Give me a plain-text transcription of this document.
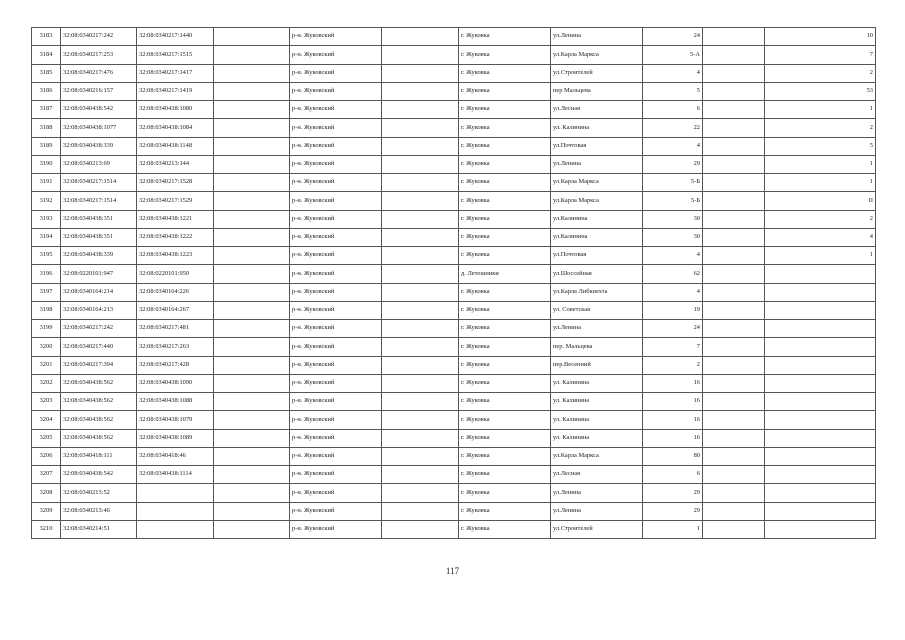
3183	32:08:0340217:242	32:08:0340217:1440		р-н. Жуковский		г. Жуковка	ул.Ленина	24		10
3184	32:08:0340217:253	32:08:0340217:1515		р-н. Жуковский		г. Жуковка	ул.Карла Маркса	5-А		7
3185	32:08:0340217:476	32:08:0340217:1417		р-н. Жуковский		г. Жуковка	ул.Строителей	4		2
3186	32:08:0340216:157	32:08:0340217:1419		р-н. Жуковский		г. Жуковка	пер Мальцева	5		53
3187	32:08:0340438:542	32:08:0340438:1080		р-н. Жуковский		г. Жуковка	ул.Лесная	6		1
3188	32:08:0340438:1077	32:08:0340438:1084		р-н. Жуковский		г. Жуковка	ул. Калинина	22		2
3189	32:08:0340438:339	32:08:0340438:1148		р-н. Жуковский		г. Жуковка	ул.Почтовая	4		5
3190	32:08:0340213:69	32:08:0340213:144		р-н. Жуковский		г. Жуковка	ул.Ленина	29		1
3191	32:08:0340217:1514	32:08:0340217:1528		р-н. Жуковский		г. Жуковка	ул.Карла Маркса	5-Б		1
3192	32:08:0340217:1514	32:08:0340217:1529		р-н. Жуковский		г. Жуковка	ул.Карла Маркса	5-Б		II
3193	32:08:0340438:351	32:08:0340438:1221		р-н. Жуковский		г. Жуковка	ул.Калинина	30		2
3194	32:08:0340438:351	32:08:0340438:1222		р-н. Жуковский		г. Жуковка	ул.Калинина	30		4
3195	32:08:0340438:339	32:08:0340438:1223		р-н. Жуковский		г. Жуковка	ул.Почтовая	4		1
3196	32:08:0220101:947	32:08:0220101:950		р-н. Жуковский		д. Летошники	ул.Шоссейная	62		
3197	32:08:0340164:214	32:08:0340164:226		р-н. Жуковский		г. Жуковка	ул.Карла Либкнехта	4		
3198	32:08:0340164:213	32:08:0340164:267		р-н. Жуковский		г. Жуковка	ул. Советская	19		
3199	32:08:0340217:242	32:08:0340217:481		р-н. Жуковский		г. Жуковка	ул.Ленина	24		
3200	32:08:0340217:440	32:08:0340217:263		р-н. Жуковский		г. Жуковка	пер. Мальцева	7		
3201	32:08:0340217:394	32:08:0340217:428		р-н. Жуковский		г. Жуковка	пер.Весенний	2		
3202	32:08:0340438:562	32:08:0340438:1090		р-н. Жуковский		г. Жуковка	ул. Калинина	16		
3203	32:08:0340438:562	32:08:0340438:1088		р-н. Жуковский		г. Жуковка	ул. Калинина	16		
3204	32:08:0340438:562	32:08:0340438:1079		р-н. Жуковский		г. Жуковка	ул. Калинина	16		
3205	32:08:0340438:562	32:08:0340438:1089		р-н. Жуковский		г. Жуковка	ул. Калинина	16		
3206	32:08:0340418:111	32:08:0340418:46		р-н. Жуковский		г. Жуковка	ул.Карла Маркса	80		
3207	32:08:0340438:542	32:08:0340438:1114		р-н. Жуковский		г. Жуковка	ул.Лесная	6		
3208	32:08:0340213:52			р-н. Жуковский		г. Жуковка	ул.Ленина	29		
3209	32:08:0340213:46			р-н. Жуковский		г. Жуковка	ул.Ленина	29		
3210	32:08:0340214:51			р-н. Жуковский		г. Жуковка	ул.Строителей	1		
117
